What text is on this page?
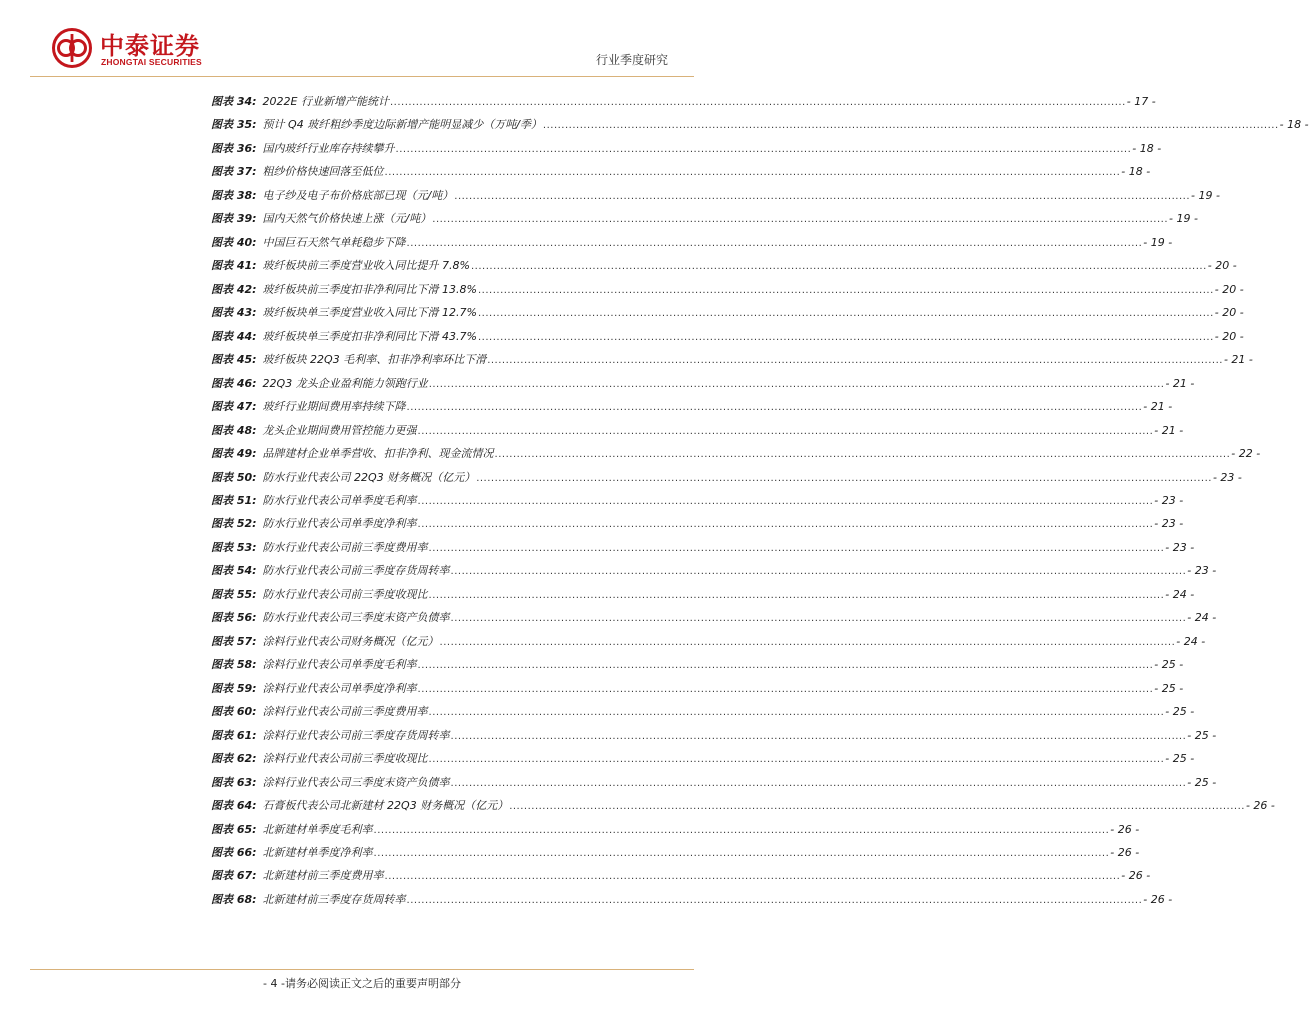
中泰证券
ZHONGTAI SECURITIES	行业季度研究
图表 34: 2022E 行业新增产能统计 ........................................................................................................................................................................................................ - 17 -
图表 35: 预计 Q4 玻纤粗纱季度边际新增产能明显减少（万吨/季） ........................................................................................................................................................................................................ - 18 -
图表 36: 国内玻纤行业库存持续攀升 ........................................................................................................................................................................................................ - 18 -
图表 37: 粗纱价格快速回落至低位 ........................................................................................................................................................................................................ - 18 -
图表 38: 电子纱及电子布价格底部已现（元/吨） ........................................................................................................................................................................................................ - 19 -
图表 39: 国内天然气价格快速上涨（元/吨） ........................................................................................................................................................................................................ - 19 -
图表 40: 中国巨石天然气单耗稳步下降 ........................................................................................................................................................................................................ - 19 -
图表 41: 玻纤板块前三季度营业收入同比提升 7.8% ........................................................................................................................................................................................................ - 20 -
图表 42: 玻纤板块前三季度扣非净利同比下滑 13.8% ........................................................................................................................................................................................................ - 20 -
图表 43: 玻纤板块单三季度营业收入同比下滑 12.7% ........................................................................................................................................................................................................ - 20 -
图表 44: 玻纤板块单三季度扣非净利同比下滑 43.7% ........................................................................................................................................................................................................ - 20 -
图表 45: 玻纤板块 22Q3 毛利率、扣非净利率环比下滑 ........................................................................................................................................................................................................ - 21 -
图表 46: 22Q3 龙头企业盈利能力领跑行业 ........................................................................................................................................................................................................ - 21 -
图表 47: 玻纤行业期间费用率持续下降 ........................................................................................................................................................................................................ - 21 -
图表 48: 龙头企业期间费用管控能力更强 ........................................................................................................................................................................................................ - 21 -
图表 49: 品牌建材企业单季营收、扣非净利、现金流情况 ........................................................................................................................................................................................................ - 22 -
图表 50: 防水行业代表公司 22Q3 财务概况（亿元） ........................................................................................................................................................................................................ - 23 -
图表 51: 防水行业代表公司单季度毛利率 ........................................................................................................................................................................................................ - 23 -
图表 52: 防水行业代表公司单季度净利率 ........................................................................................................................................................................................................ - 23 -
图表 53: 防水行业代表公司前三季度费用率 ........................................................................................................................................................................................................ - 23 -
图表 54: 防水行业代表公司前三季度存货周转率 ........................................................................................................................................................................................................ - 23 -
图表 55: 防水行业代表公司前三季度收现比 ........................................................................................................................................................................................................ - 24 -
图表 56: 防水行业代表公司三季度末资产负债率 ........................................................................................................................................................................................................ - 24 -
图表 57: 涂料行业代表公司财务概况（亿元） ........................................................................................................................................................................................................ - 24 -
图表 58: 涂料行业代表公司单季度毛利率 ........................................................................................................................................................................................................ - 25 -
图表 59: 涂料行业代表公司单季度净利率 ........................................................................................................................................................................................................ - 25 -
图表 60: 涂料行业代表公司前三季度费用率 ........................................................................................................................................................................................................ - 25 -
图表 61: 涂料行业代表公司前三季度存货周转率 ........................................................................................................................................................................................................ - 25 -
图表 62: 涂料行业代表公司前三季度收现比 ........................................................................................................................................................................................................ - 25 -
图表 63: 涂料行业代表公司三季度末资产负债率 ........................................................................................................................................................................................................ - 25 -
图表 64: 石膏板代表公司北新建材 22Q3 财务概况（亿元） ........................................................................................................................................................................................................ - 26 -
图表 65: 北新建材单季度毛利率 ........................................................................................................................................................................................................ - 26 -
图表 66: 北新建材单季度净利率 ........................................................................................................................................................................................................ - 26 -
图表 67: 北新建材前三季度费用率 ........................................................................................................................................................................................................ - 26 -
图表 68: 北新建材前三季度存货周转率 ........................................................................................................................................................................................................ - 26 -
- 4 -请务必阅读正文之后的重要声明部分
